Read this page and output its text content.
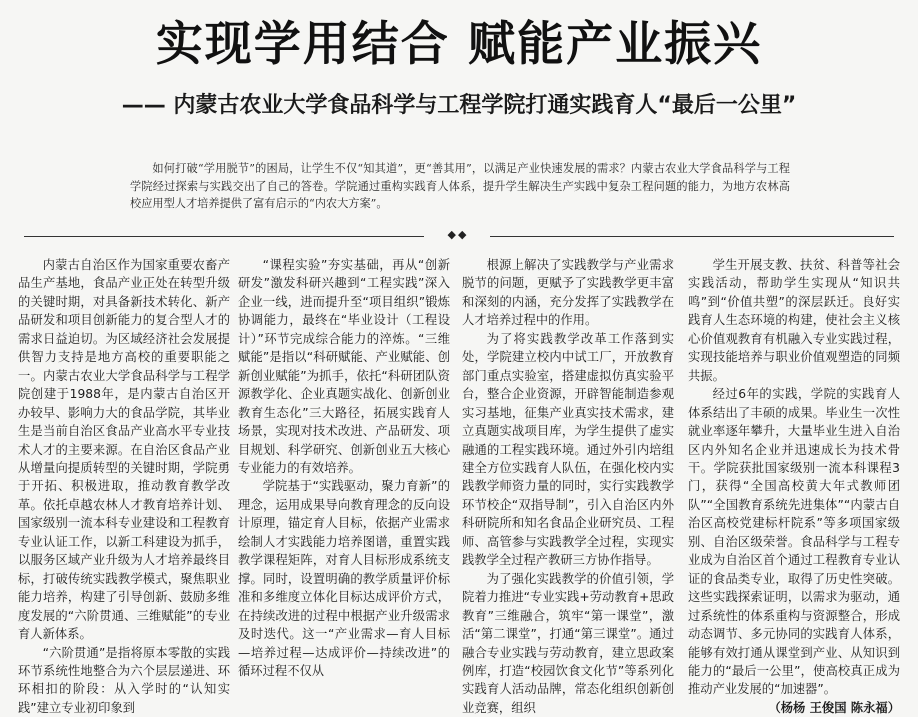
实现学用结合 赋能产业振兴
—— 内蒙古农业大学食品科学与工程学院打通实践育人“最后一公里”

如何打破“学用脱节”的困局，让学生不仅“知其道”，更“善其用”，以满足产业快速发展的需求？内蒙古农业大学食品科学与工程学院经过探索与实践交出了自己的答卷。学院通过重构实践育人体系，提升学生解决生产实践中复杂工程问题的能力，为地方农林高校应用型人才培养提供了富有启示的“内农大方案”。

◆◆

内蒙古自治区作为国家重要农畜产品生产基地，食品产业正处在转型升级的关键时期，对具备新技术转化、新产品研发和项目创新能力的复合型人才的需求日益迫切。为区域经济社会发展提供智力支持是地方高校的重要职能之一。内蒙古农业大学食品科学与工程学院创建于1988年，是内蒙古自治区开办较早、影响力大的食品学院，其毕业生是当前自治区食品产业高水平专业技术人才的主要来源。在自治区食品产业从增量向提质转型的关键时期，学院勇于开拓、积极进取，推动教育教学改革。依托卓越农林人才教育培养计划、国家级别一流本科专业建设和工程教育专业认证工作，以新工科建设为抓手，以服务区域产业升级为人才培养最终目标，打破传统实践教学模式，聚焦职业能力培养，构建了引导创新、鼓励多维度发展的“六阶贯通、三维赋能”的专业育人新体系。

“六阶贯通”是指将原本零散的实践环节系统性地整合为六个层层递进、环环相扣的阶段：从入学时的“认知实践”建立专业初印象到

“课程实验”夯实基础，再从“创新研发”激发科研兴趣到“工程实践”深入企业一线，进而提升至“项目组织”锻炼协调能力，最终在“毕业设计（工程设计）”环节完成综合能力的淬炼。“三维赋能”是指以“科研赋能、产业赋能、创新创业赋能”为抓手，依托“科研团队资源教学化、企业真题实战化、创新创业教育生态化”三大路径，拓展实践育人场景，实现对技术改进、产品研发、项目规划、科学研究、创新创业五大核心专业能力的有效培养。

学院基于“实践驱动，聚力育新”的理念，运用成果导向教育理念的反向设计原理，锚定育人目标，依据产业需求绘制人才实践能力培养图谱，重置实践教学课程矩阵，对育人目标形成系统支撑。同时，设置明确的教学质量评价标准和多维度立体化目标达成评价方式，在持续改进的过程中根据产业升级需求及时迭代。这一“产业需求—育人目标—培养过程—达成评价—持续改进”的循环过程不仅从

根源上解决了实践教学与产业需求脱节的问题，更赋予了实践教学更丰富和深刻的内涵，充分发挥了实践教学在人才培养过程中的作用。

为了将实践教学改革工作落到实处，学院建立校内中试工厂，开放教育部门重点实验室，搭建虚拟仿真实验平台，整合企业资源，开辟智能制造参观实习基地，征集产业真实技术需求，建立真题实战项目库，为学生提供了虚实融通的工程实践环境。通过外引内培组建全方位实践育人队伍，在强化校内实践教学师资力量的同时，实行实践教学环节校企“双指导制”，引入自治区内外科研院所和知名食品企业研究员、工程师、高管参与实践教学全过程，实现实践教学全过程产教研三方协作指导。

为了强化实践教学的价值引领，学院着力推进“专业实践+劳动教育+思政教育”三维融合，筑牢“第一课堂”，激活“第二课堂”，打通“第三课堂”。通过融合专业实践与劳动教育，建立思政案例库，打造“校园饮食文化节”等系列化实践育人活动品牌，常态化组织创新创业竞赛，组织

学生开展支教、扶贫、科普等社会实践活动，帮助学生实现从“知识共鸣”到“价值共塑”的深层跃迁。良好实践育人生态环境的构建，使社会主义核心价值观教育有机融入专业实践过程，实现技能培养与职业价值观塑造的同频共振。

经过6年的实践，学院的实践育人体系结出了丰硕的成果。毕业生一次性就业率逐年攀升，大量毕业生进入自治区内外知名企业并迅速成长为技术骨干。学院获批国家级别一流本科课程3门，获得“全国高校黄大年式教师团队”“全国教育系统先进集体”“内蒙古自治区高校党建标杆院系”等多项国家级别、自治区级荣誉。食品科学与工程专业成为自治区首个通过工程教育专业认证的食品类专业，取得了历史性突破。这些实践探索证明，以需求为驱动，通过系统性的体系重构与资源整合，形成动态调节、多元协同的实践育人体系，能够有效打通从课堂到产业、从知识到能力的“最后一公里”，使高校真正成为推动产业发展的“加速器”。

（杨杨 王俊国 陈永福）
